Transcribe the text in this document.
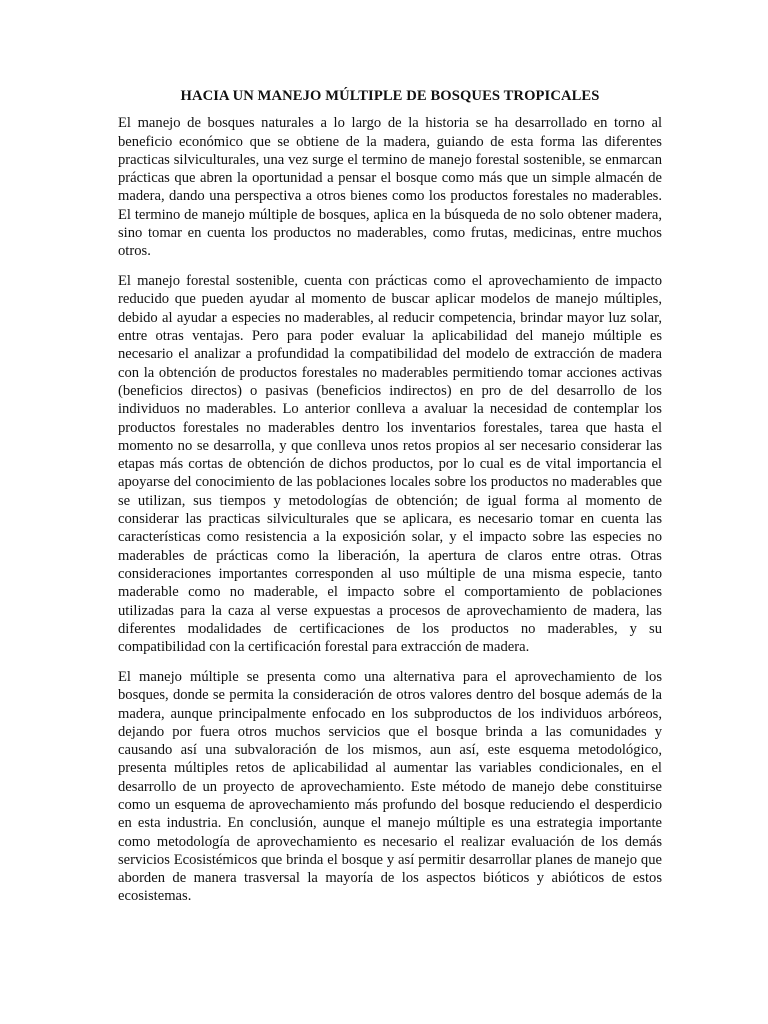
HACIA UN MANEJO MÚLTIPLE DE BOSQUES TROPICALES

El manejo de bosques naturales a lo largo de la historia se ha desarrollado en torno al beneficio económico que se obtiene de la madera, guiando de esta forma las diferentes practicas silviculturales, una vez surge el termino de manejo forestal sostenible, se enmarcan prácticas que abren la oportunidad a pensar el bosque como más que un simple almacén de madera, dando una perspectiva a otros bienes como los productos forestales no maderables. El termino de manejo múltiple de bosques, aplica en la búsqueda de no solo obtener madera, sino tomar en cuenta los productos no maderables, como frutas, medicinas, entre muchos otros.

El manejo forestal sostenible, cuenta con prácticas como el aprovechamiento de impacto reducido que pueden ayudar al momento de buscar aplicar modelos de manejo múltiples, debido al ayudar a especies no maderables, al reducir competencia, brindar mayor luz solar, entre otras ventajas. Pero para poder evaluar la aplicabilidad del manejo múltiple es necesario el analizar a profundidad la compatibilidad del modelo de extracción de madera con la obtención de productos forestales no maderables permitiendo tomar acciones activas (beneficios directos) o pasivas (beneficios indirectos) en pro de del desarrollo de los individuos no maderables. Lo anterior conlleva a avaluar la necesidad de contemplar los productos forestales no maderables dentro los inventarios forestales, tarea que hasta el momento no se desarrolla, y que conlleva unos retos propios al ser necesario considerar las etapas más cortas de obtención de dichos productos, por lo cual es de vital importancia el apoyarse del conocimiento de las poblaciones locales sobre los productos no maderables que se utilizan, sus tiempos y metodologías de obtención; de igual forma al momento de considerar las practicas silviculturales que se aplicara, es necesario tomar en cuenta las características como resistencia a la exposición solar, y el impacto sobre las especies no maderables de prácticas como la liberación, la apertura de claros entre otras. Otras consideraciones importantes corresponden al uso múltiple de una misma especie, tanto maderable como no maderable, el impacto sobre el comportamiento de poblaciones utilizadas para la caza al verse expuestas a procesos de aprovechamiento de madera, las diferentes modalidades de certificaciones de los productos no maderables, y su compatibilidad con la certificación forestal para extracción de madera.

El manejo múltiple se presenta como una alternativa para el aprovechamiento de los bosques, donde se permita la consideración de otros valores dentro del bosque además de la madera, aunque principalmente enfocado en los subproductos de los individuos arbóreos, dejando por fuera otros muchos servicios que el bosque brinda a las comunidades y causando así una subvaloración de los mismos, aun así, este esquema metodológico, presenta múltiples retos de aplicabilidad al aumentar las variables condicionales, en el desarrollo de un proyecto de aprovechamiento. Este método de manejo debe constituirse como un esquema de aprovechamiento más profundo del bosque reduciendo el desperdicio en esta industria. En conclusión, aunque el manejo múltiple es una estrategia importante como metodología de aprovechamiento es necesario el realizar evaluación de los demás servicios Ecosistémicos que brinda el bosque y así permitir desarrollar planes de manejo que aborden de manera trasversal la mayoría de los aspectos bióticos y abióticos de estos ecosistemas.
